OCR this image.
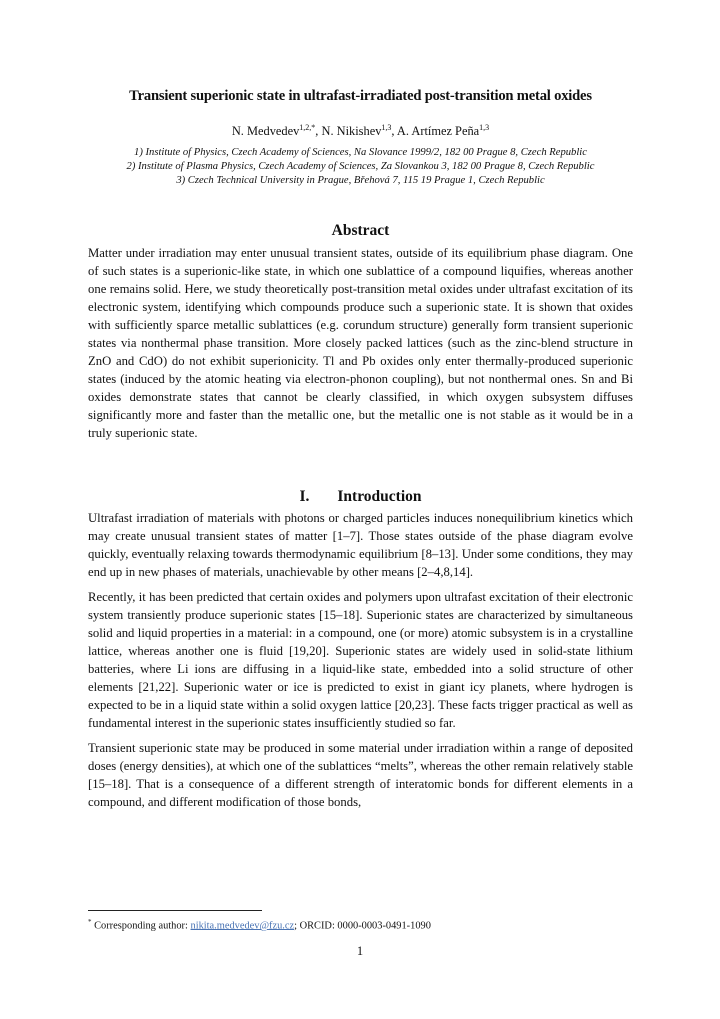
Transient superionic state in ultrafast-irradiated post-transition metal oxides
N. Medvedev$^{1,2,*}$, N. Nikishev$^{1,3}$, A. Artímez Peña$^{1,3}$
1) Institute of Physics, Czech Academy of Sciences, Na Slovance 1999/2, 182 00 Prague 8, Czech Republic
2) Institute of Plasma Physics, Czech Academy of Sciences, Za Slovankou 3, 182 00 Prague 8, Czech Republic
3) Czech Technical University in Prague, Břehová 7, 115 19 Prague 1, Czech Republic
Abstract

Matter under irradiation may enter unusual transient states, outside of its equilibrium phase diagram. One of such states is a superionic-like state, in which one sublattice of a compound liquifies, whereas another one remains solid. Here, we study theoretically post-transition metal oxides under ultrafast excitation of its electronic system, identifying which compounds produce such a superionic state. It is shown that oxides with sufficiently sparce metallic sublattices (e.g. corundum structure) generally form transient superionic states via nonthermal phase transition. More closely packed lattices (such as the zinc-blend structure in ZnO and CdO) do not exhibit superionicity. Tl and Pb oxides only enter thermally-produced superionic states (induced by the atomic heating via electron-phonon coupling), but not nonthermal ones. Sn and Bi oxides demonstrate states that cannot be clearly classified, in which oxygen subsystem diffuses significantly more and faster than the metallic one, but the metallic one is not stable as it would be in a truly superionic state.

I. Introduction

Ultrafast irradiation of materials with photons or charged particles induces nonequilibrium kinetics which may create unusual transient states of matter [1–7]. Those states outside of the phase diagram evolve quickly, eventually relaxing towards thermodynamic equilibrium [8–13]. Under some conditions, they may end up in new phases of materials, unachievable by other means [2–4,8,14].

Recently, it has been predicted that certain oxides and polymers upon ultrafast excitation of their electronic system transiently produce superionic states [15–18]. Superionic states are characterized by simultaneous solid and liquid properties in a material: in a compound, one (or more) atomic subsystem is in a crystalline lattice, whereas another one is fluid [19,20]. Superionic states are widely used in solid-state lithium batteries, where Li ions are diffusing in a liquid-like state, embedded into a solid structure of other elements [21,22]. Superionic water or ice is predicted to exist in giant icy planets, where hydrogen is expected to be in a liquid state within a solid oxygen lattice [20,23]. These facts trigger practical as well as fundamental interest in the superionic states insufficiently studied so far.

Transient superionic state may be produced in some material under irradiation within a range of deposited doses (energy densities), at which one of the sublattices “melts”, whereas the other remain relatively stable [15–18]. That is a consequence of a different strength of interatomic bonds for different elements in a compound, and different modification of those bonds,

* Corresponding author: nikita.medvedev@fzu.cz; ORCID: 0000-0003-0491-1090
1
